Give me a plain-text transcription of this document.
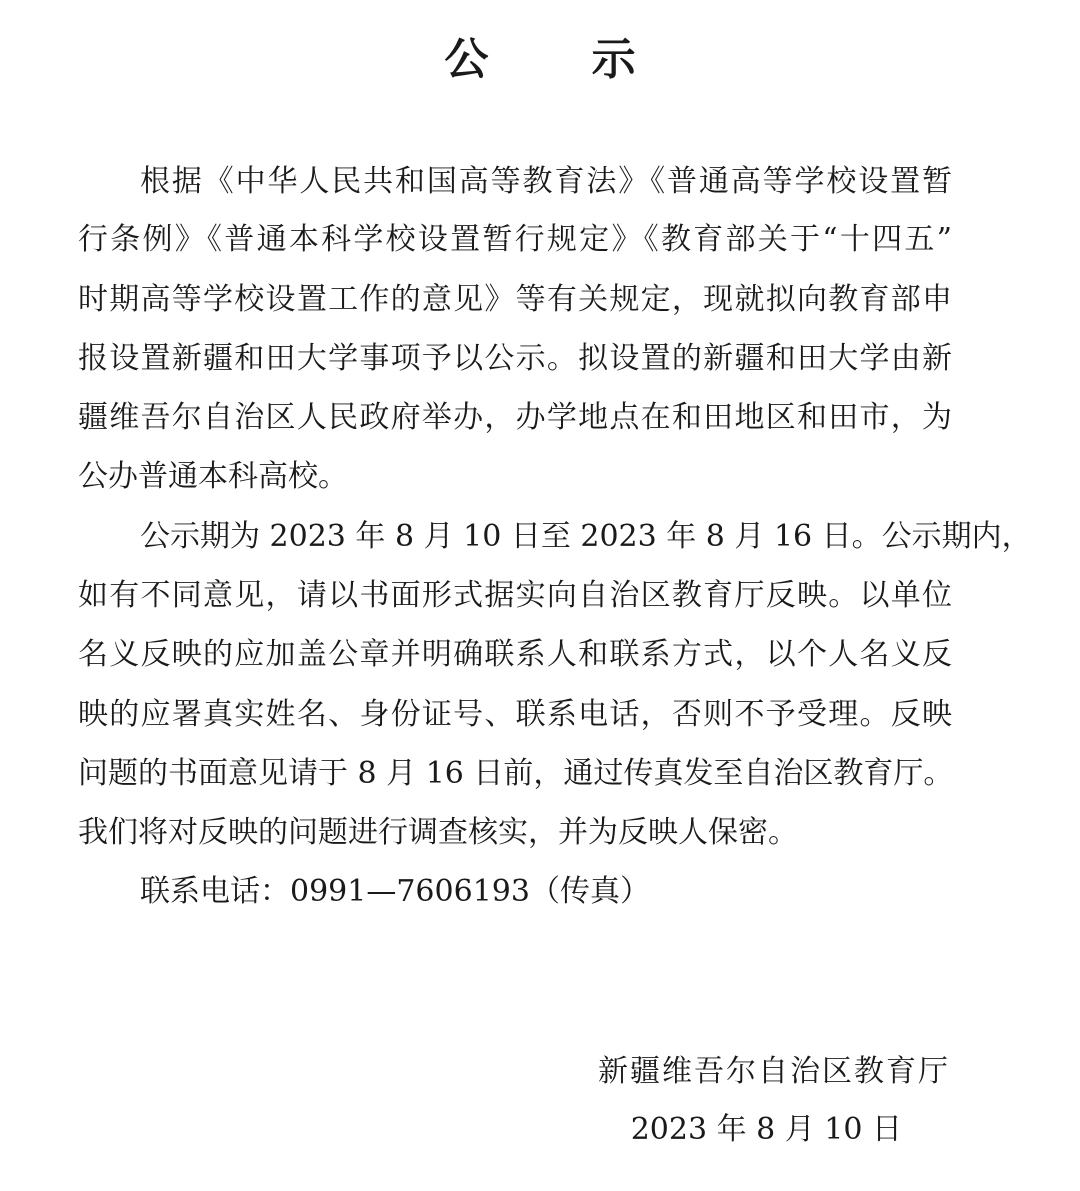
公 示
根据《中华人民共和国高等教育法》《普通高等学校设置暂
行条例》《普通本科学校设置暂行规定》《教育部关于“十四五”
时期高等学校设置工作的意见》等有关规定，现就拟向教育部申
报设置新疆和田大学事项予以公示。拟设置的新疆和田大学由新
疆维吾尔自治区人民政府举办，办学地点在和田地区和田市，为
公办普通本科高校。
公示期为 2023 年 8 月 10 日至 2023 年 8 月 16 日。公示期内，
如有不同意见，请以书面形式据实向自治区教育厅反映。以单位
名义反映的应加盖公章并明确联系人和联系方式，以个人名义反
映的应署真实姓名、身份证号、联系电话，否则不予受理。反映
问题的书面意见请于 8 月 16 日前，通过传真发至自治区教育厅。
我们将对反映的问题进行调查核实，并为反映人保密。
联系电话：0991—7606193（传真）
新疆维吾尔自治区教育厅
2023 年 8 月 10 日
